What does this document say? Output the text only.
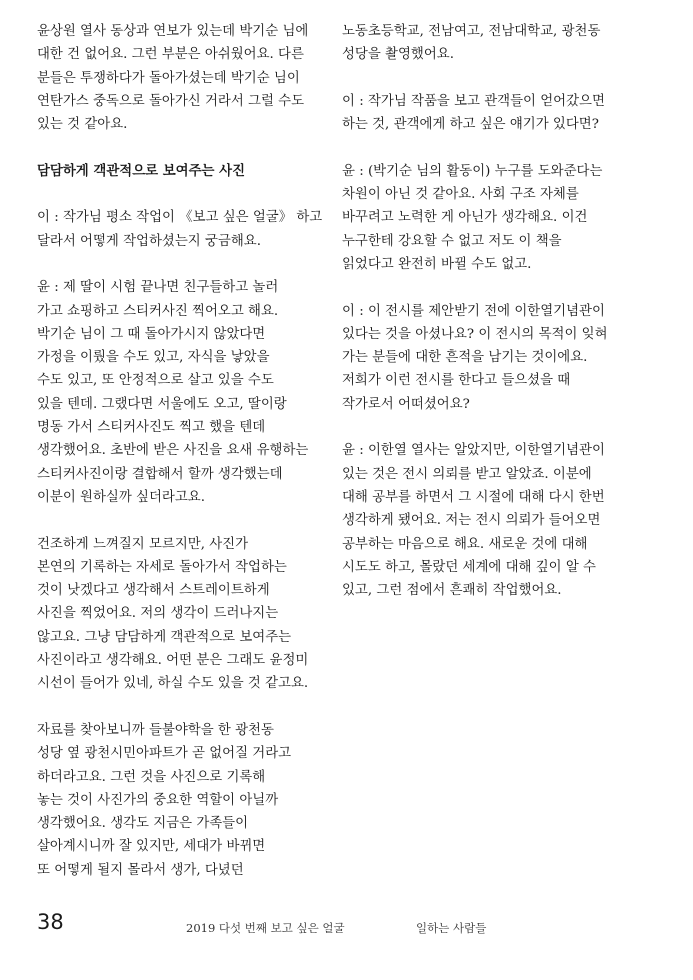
윤상원 열사 동상과 연보가 있는데 박기순 님에
대한 건 없어요. 그런 부분은 아쉬웠어요. 다른
분들은 투쟁하다가 돌아가셨는데 박기순 님이
연탄가스 중독으로 돌아가신 거라서 그럴 수도
있는 것 같아요.

담담하게 객관적으로 보여주는 사진

이 : 작가님 평소 작업이 《보고 싶은 얼굴》 하고
달라서 어떻게 작업하셨는지 궁금해요.

윤 : 제 딸이 시험 끝나면 친구들하고 놀러
가고 쇼핑하고 스티커사진 찍어오고 해요.
박기순 님이 그 때 돌아가시지 않았다면
가정을 이뤘을 수도 있고, 자식을 낳았을
수도 있고, 또 안정적으로 살고 있을 수도
있을 텐데. 그랬다면 서울에도 오고, 딸이랑
명동 가서 스티커사진도 찍고 했을 텐데
생각했어요. 초반에 받은 사진을 요새 유행하는
스티커사진이랑 결합해서 할까 생각했는데
이분이 원하실까 싶더라고요.

건조하게 느껴질지 모르지만, 사진가
본연의 기록하는 자세로 돌아가서 작업하는
것이 낫겠다고 생각해서 스트레이트하게
사진을 찍었어요. 저의 생각이 드러나지는
않고요. 그냥 담담하게 객관적으로 보여주는
사진이라고 생각해요. 어떤 분은 그래도 윤정미
시선이 들어가 있네, 하실 수도 있을 것 같고요.

자료를 찾아보니까 들불야학을 한 광천동
성당 옆 광천시민아파트가 곧 없어질 거라고
하더라고요. 그런 것을 사진으로 기록해
놓는 것이 사진가의 중요한 역할이 아닐까
생각했어요. 생각도 지금은 가족들이
살아계시니까 잘 있지만, 세대가 바뀌면
또 어떻게 될지 몰라서 생가, 다녔던

노동초등학교, 전남여고, 전남대학교, 광천동
성당을 촬영했어요.

이 : 작가님 작품을 보고 관객들이 얻어갔으면
하는 것, 관객에게 하고 싶은 얘기가 있다면?

윤 : (박기순 님의 활동이) 누구를 도와준다는
차원이 아닌 것 같아요. 사회 구조 자체를
바꾸려고 노력한 게 아닌가 생각해요. 이건
누구한테 강요할 수 없고 저도 이 책을
읽었다고 완전히 바뀔 수도 없고.

이 : 이 전시를 제안받기 전에 이한열기념관이
있다는 것을 아셨나요? 이 전시의 목적이 잊혀
가는 분들에 대한 흔적을 남기는 것이에요.
저희가 이런 전시를 한다고 들으셨을 때
작가로서 어떠셨어요?

윤 : 이한열 열사는 알았지만, 이한열기념관이
있는 것은 전시 의뢰를 받고 알았죠. 이분에
대해 공부를 하면서 그 시절에 대해 다시 한번
생각하게 됐어요. 저는 전시 의뢰가 들어오면
공부하는 마음으로 해요. 새로운 것에 대해
시도도 하고, 몰랐던 세계에 대해 깊이 알 수
있고, 그런 점에서 흔쾌히 작업했어요.

38	2019 다섯 번째 보고 싶은 얼굴	일하는 사람들
